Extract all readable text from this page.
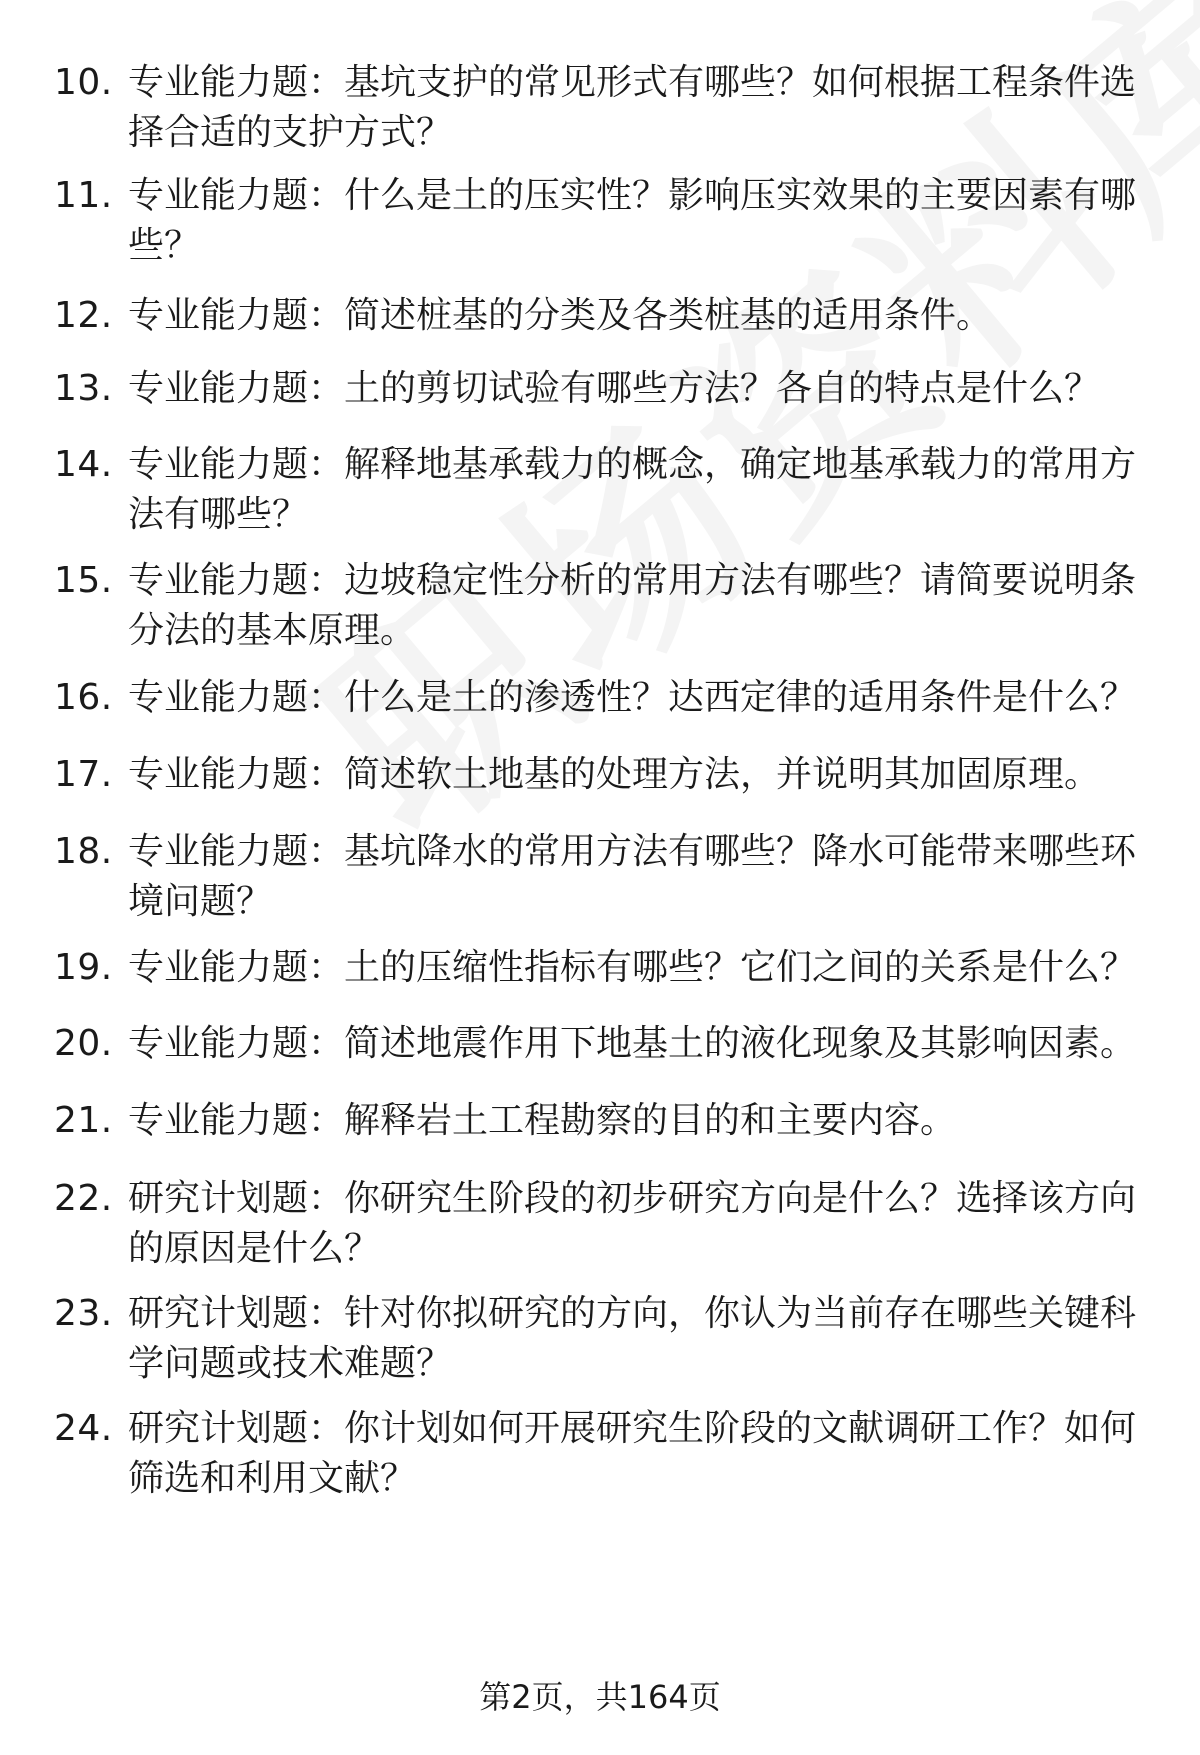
10. 专业能力题：基坑支护的常见形式有哪些？如何根据工程条件选择合适的支护方式？
11. 专业能力题：什么是土的压实性？影响压实效果的主要因素有哪些？
12. 专业能力题：简述桩基的分类及各类桩基的适用条件。
13. 专业能力题：土的剪切试验有哪些方法？各自的特点是什么？
14. 专业能力题：解释地基承载力的概念，确定地基承载力的常用方法有哪些？
15. 专业能力题：边坡稳定性分析的常用方法有哪些？请简要说明条分法的基本原理。
16. 专业能力题：什么是土的渗透性？达西定律的适用条件是什么？
17. 专业能力题：简述软土地基的处理方法，并说明其加固原理。
18. 专业能力题：基坑降水的常用方法有哪些？降水可能带来哪些环境问题？
19. 专业能力题：土的压缩性指标有哪些？它们之间的关系是什么？
20. 专业能力题：简述地震作用下地基土的液化现象及其影响因素。
21. 专业能力题：解释岩土工程勘察的目的和主要内容。
22. 研究计划题：你研究生阶段的初步研究方向是什么？选择该方向的原因是什么？
23. 研究计划题：针对你拟研究的方向，你认为当前存在哪些关键科学问题或技术难题？
24. 研究计划题：你计划如何开展研究生阶段的文献调研工作？如何筛选和利用文献？
第2页，共164页
